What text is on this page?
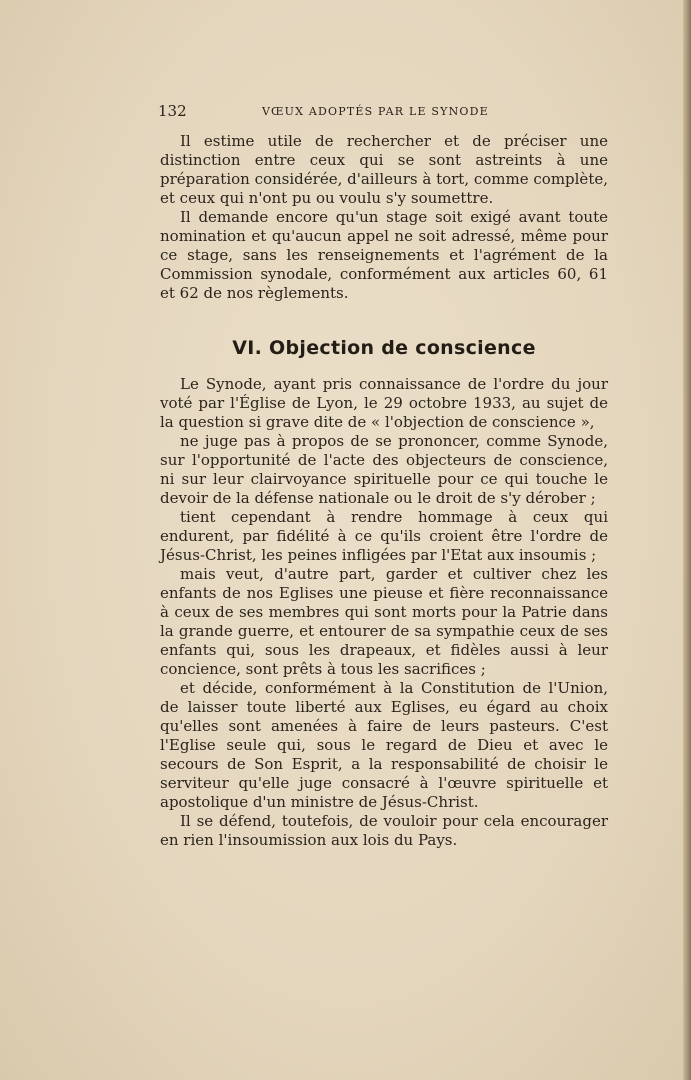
132	VŒUX ADOPTÉS PAR LE SYNODE

Il estime utile de rechercher et de préciser une distinction entre ceux qui se sont astreints à une préparation considérée, d'ailleurs à tort, comme complète, et ceux qui n'ont pu ou voulu s'y soumettre.

Il demande encore qu'un stage soit exigé avant toute nomination et qu'aucun appel ne soit adressé, même pour ce stage, sans les renseignements et l'agrément de la Commission synodale, conformément aux articles 60, 61 et 62 de nos règlements.

VI. Objection de conscience

Le Synode, ayant pris connaissance de l'ordre du jour voté par l'Église de Lyon, le 29 octobre 1933, au sujet de la question si grave dite de « l'objection de conscience »,

ne juge pas à propos de se prononcer, comme Synode, sur l'opportunité de l'acte des objecteurs de conscience, ni sur leur clairvoyance spirituelle pour ce qui touche le devoir de la défense nationale ou le droit de s'y dérober ;

tient cependant à rendre hommage à ceux qui endurent, par fidélité à ce qu'ils croient être l'ordre de Jésus-Christ, les peines infligées par l'Etat aux insoumis ;

mais veut, d'autre part, garder et cultiver chez les enfants de nos Eglises une pieuse et fière reconnaissance à ceux de ses membres qui sont morts pour la Patrie dans la grande guerre, et entourer de sa sympathie ceux de ses enfants qui, sous les drapeaux, et fidèles aussi à leur concience, sont prêts à tous les sacrifices ;

et décide, conformément à la Constitution de l'Union, de laisser toute liberté aux Eglises, eu égard au choix qu'elles sont amenées à faire de leurs pasteurs. C'est l'Eglise seule qui, sous le regard de Dieu et avec le secours de Son Esprit, a la responsabilité de choisir le serviteur qu'elle juge consacré à l'œuvre spirituelle et apostolique d'un ministre de Jésus-Christ.

Il se défend, toutefois, de vouloir pour cela encourager en rien l'insoumission aux lois du Pays.
